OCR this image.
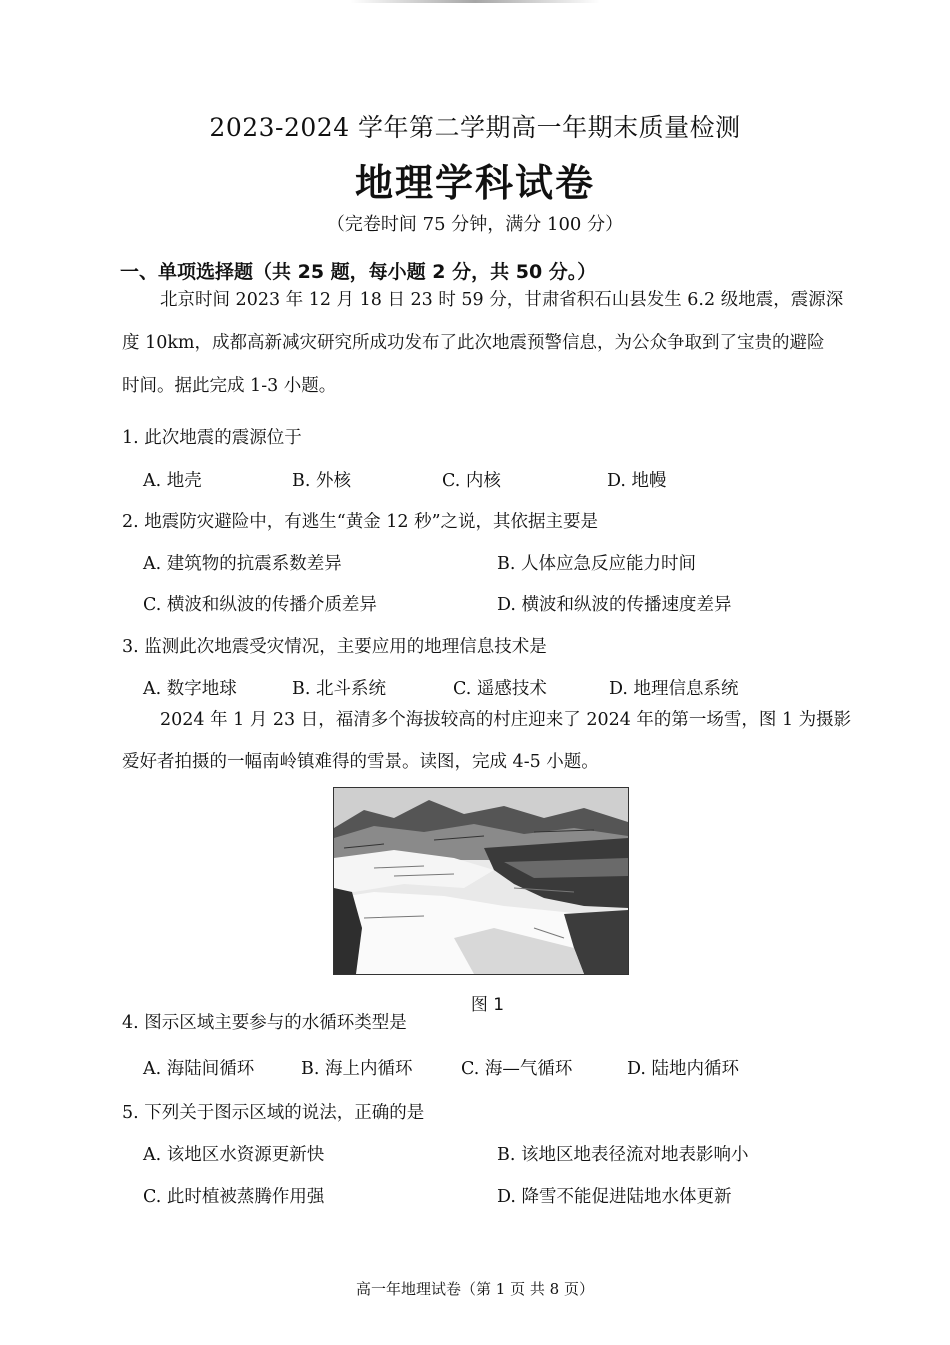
2023-2024 学年第二学期高一年期末质量检测
地理学科试卷
（完卷时间 75 分钟，满分 100 分）
一、单项选择题（共 25 题，每小题 2 分，共 50 分。）
北京时间 2023 年 12 月 18 日 23 时 59 分，甘肃省积石山县发生 6.2 级地震，震源深
度 10km，成都高新减灾研究所成功发布了此次地震预警信息，为公众争取到了宝贵的避险
时间。据此完成 1-3 小题。
1. 此次地震的震源位于
A. 地壳	B. 外核	C. 内核	D. 地幔
2. 地震防灾避险中，有逃生“黄金 12 秒”之说，其依据主要是
A. 建筑物的抗震系数差异	B. 人体应急反应能力时间
C. 横波和纵波的传播介质差异	D. 横波和纵波的传播速度差异
3. 监测此次地震受灾情况，主要应用的地理信息技术是
A. 数字地球	B. 北斗系统	C. 遥感技术	D. 地理信息系统
2024 年 1 月 23 日，福清多个海拔较高的村庄迎来了 2024 年的第一场雪，图 1 为摄影
爱好者拍摄的一幅南岭镇难得的雪景。读图，完成 4-5 小题。
图 1
4. 图示区域主要参与的水循环类型是
A. 海陆间循环	B. 海上内循环	C. 海—气循环	D. 陆地内循环
5. 下列关于图示区域的说法，正确的是
A. 该地区水资源更新快	B. 该地区地表径流对地表影响小
C. 此时植被蒸腾作用强	D. 降雪不能促进陆地水体更新
高一年地理试卷（第 1 页 共 8 页）
